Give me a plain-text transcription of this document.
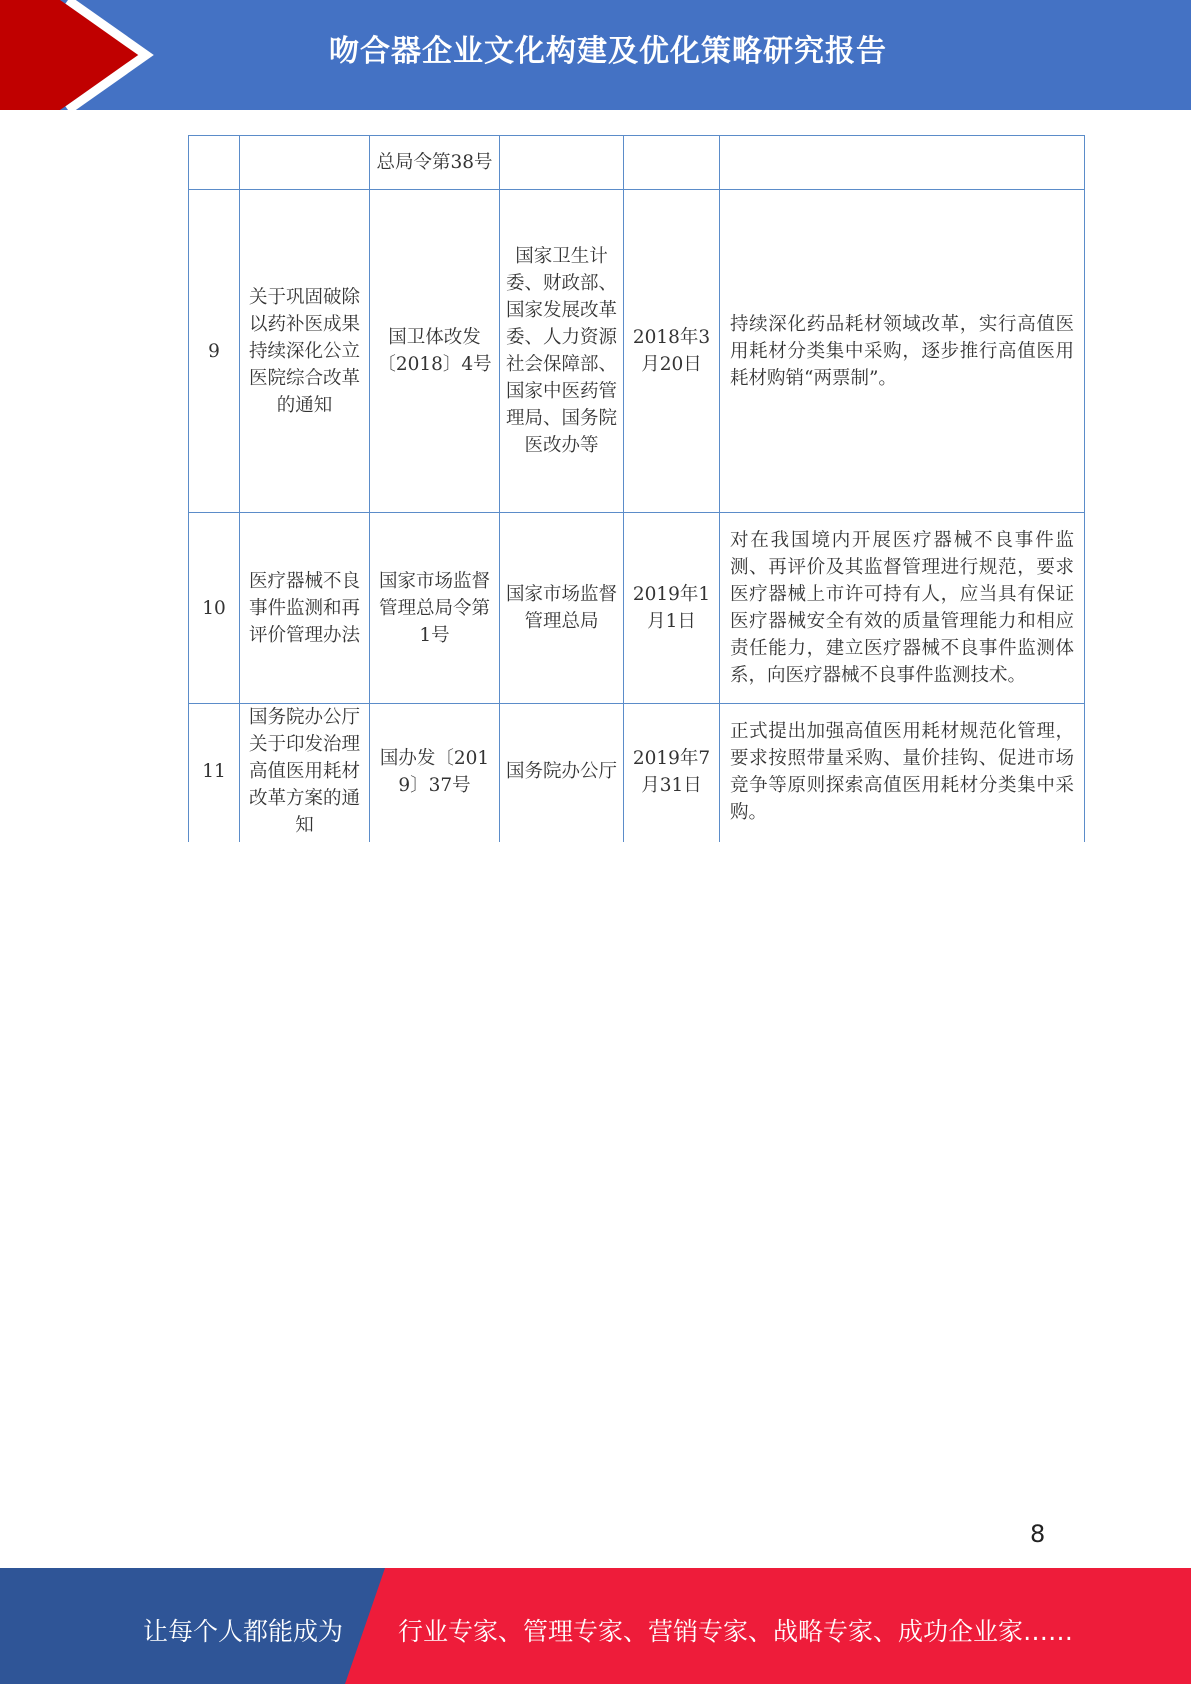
吻合器企业文化构建及优化策略研究报告
		总局令第38号			
9	关于巩固破除以药补医成果持续深化公立医院综合改革的通知	国卫体改发〔2018〕4号	国家卫生计委、财政部、国家发展改革委、人力资源社会保障部、国家中医药管理局、国务院医改办等	2018年3月20日	持续深化药品耗材领域改革，实行高值医用耗材分类集中采购，逐步推行高值医用耗材购销“两票制”。
10	医疗器械不良事件监测和再评价管理办法	国家市场监督管理总局令第1号	国家市场监督管理总局	2019年1月1日	对在我国境内开展医疗器械不良事件监测、再评价及其监督管理进行规范，要求医疗器械上市许可持有人，应当具有保证医疗器械安全有效的质量管理能力和相应责任能力，建立医疗器械不良事件监测体系，向医疗器械不良事件监测技术。
11	国务院办公厅关于印发治理高值医用耗材改革方案的通知	国办发〔2019〕37号	国务院办公厅	2019年7月31日	正式提出加强高值医用耗材规范化管理，要求按照带量采购、量价挂钩、促进市场竞争等原则探索高值医用耗材分类集中采购。

8
让每个人都能成为 行业专家、管理专家、营销专家、战略专家、成功企业家……
